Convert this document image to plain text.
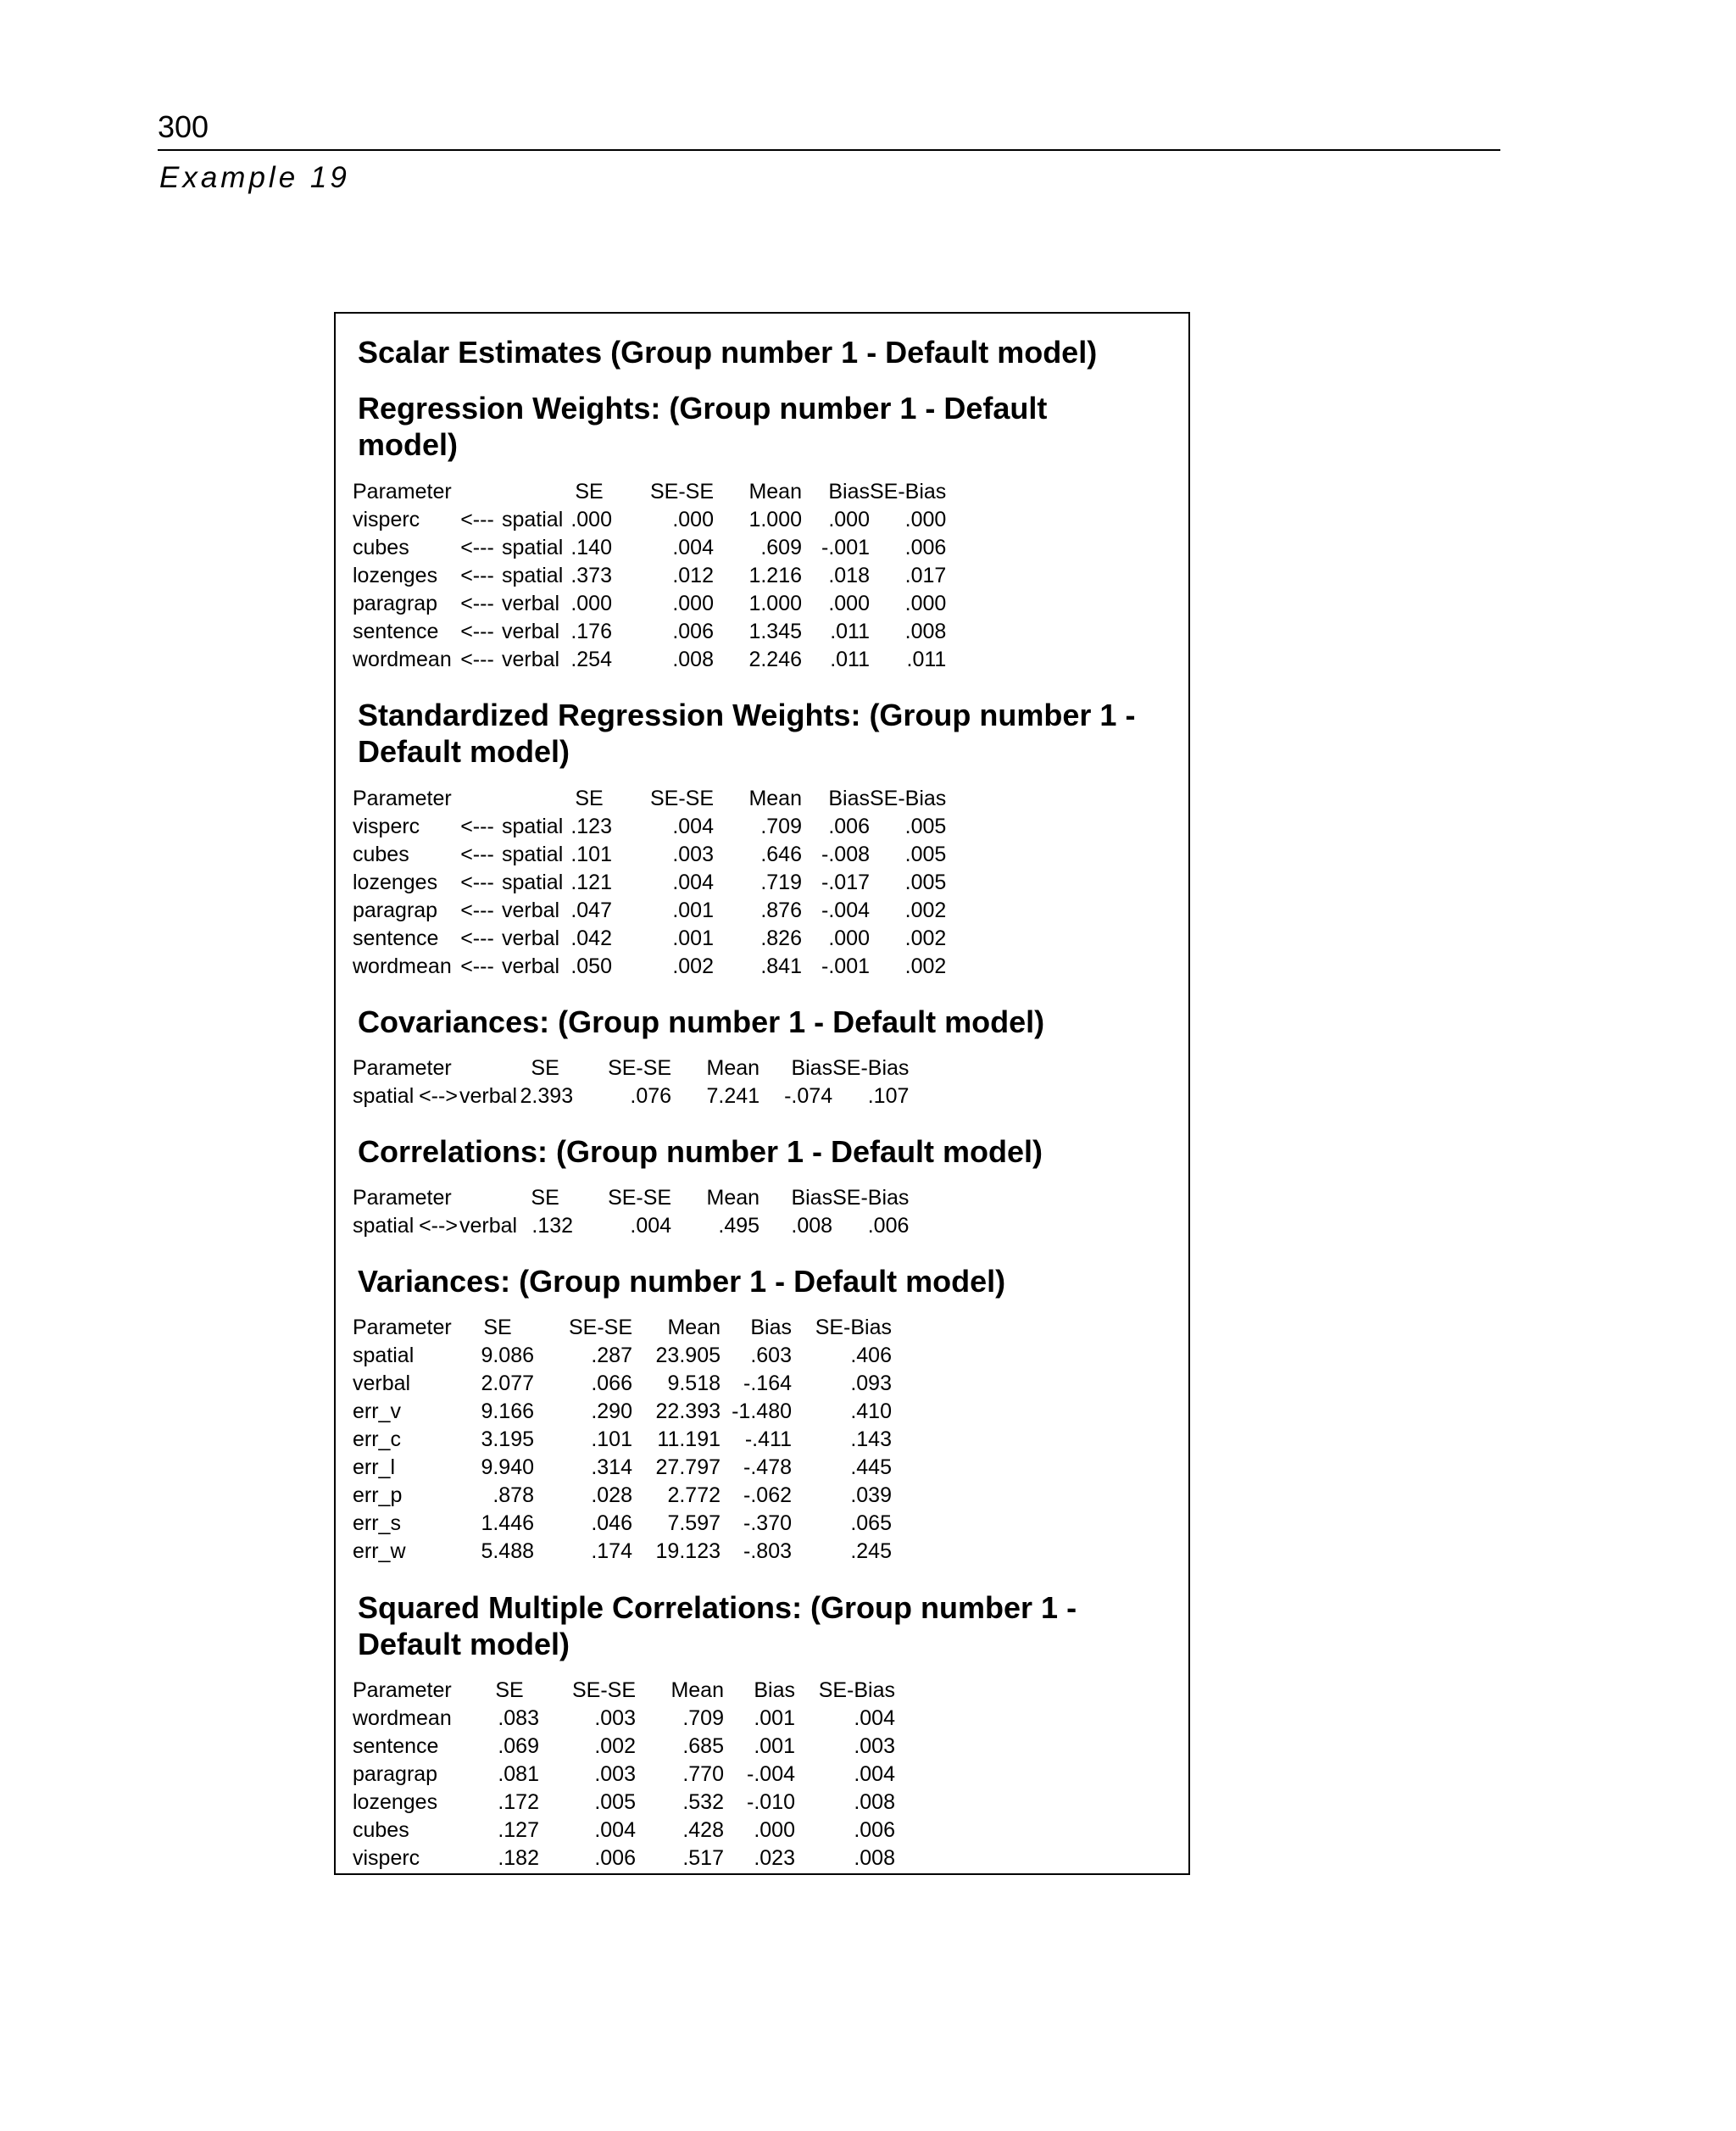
300
Example 19
Scalar Estimates (Group number 1 - Default model)
Regression Weights: (Group number 1 - Default model)
Parameter			SE	SE-SE	Mean	Bias	SE-Bias	
visperc	<---	spatial	.000	.000	1.000	.000	.000	
cubes	<---	spatial	.140	.004	.609	-.001	.006	
lozenges	<---	spatial	.373	.012	1.216	.018	.017	
paragrap	<---	verbal	.000	.000	1.000	.000	.000	
sentence	<---	verbal	.176	.006	1.345	.011	.008	
wordmean	<---	verbal	.254	.008	2.246	.011	.011	
Standardized Regression Weights: (Group number 1 - Default model)
Parameter			SE	SE-SE	Mean	Bias	SE-Bias	
visperc	<---	spatial	.123	.004	.709	.006	.005	
cubes	<---	spatial	.101	.003	.646	-.008	.005	
lozenges	<---	spatial	.121	.004	.719	-.017	.005	
paragrap	<---	verbal	.047	.001	.876	-.004	.002	
sentence	<---	verbal	.042	.001	.826	.000	.002	
wordmean	<---	verbal	.050	.002	.841	-.001	.002	
Covariances: (Group number 1 - Default model)
Parameter			SE	SE-SE	Mean	Bias	SE-Bias	
spatial	<-->	verbal	2.393	.076	7.241	-.074	.107	
Correlations: (Group number 1 - Default model)
Parameter			SE	SE-SE	Mean	Bias	SE-Bias	
spatial	<-->	verbal	.132	.004	.495	.008	.006	
Variances: (Group number 1 - Default model)
Parameter	SE	SE-SE	Mean	Bias	SE-Bias
spatial	9.086	.287	23.905	.603	.406
verbal	2.077	.066	9.518	-.164	.093
err_v	9.166	.290	22.393	-1.480	.410
err_c	3.195	.101	11.191	-.411	.143
err_l	9.940	.314	27.797	-.478	.445
err_p	.878	.028	2.772	-.062	.039
err_s	1.446	.046	7.597	-.370	.065
err_w	5.488	.174	19.123	-.803	.245
Squared Multiple Correlations: (Group number 1 - Default model)
Parameter	SE	SE-SE	Mean	Bias	SE-Bias
wordmean	.083	.003	.709	.001	.004
sentence	.069	.002	.685	.001	.003
paragrap	.081	.003	.770	-.004	.004
lozenges	.172	.005	.532	-.010	.008
cubes	.127	.004	.428	.000	.006
visperc	.182	.006	.517	.023	.008
